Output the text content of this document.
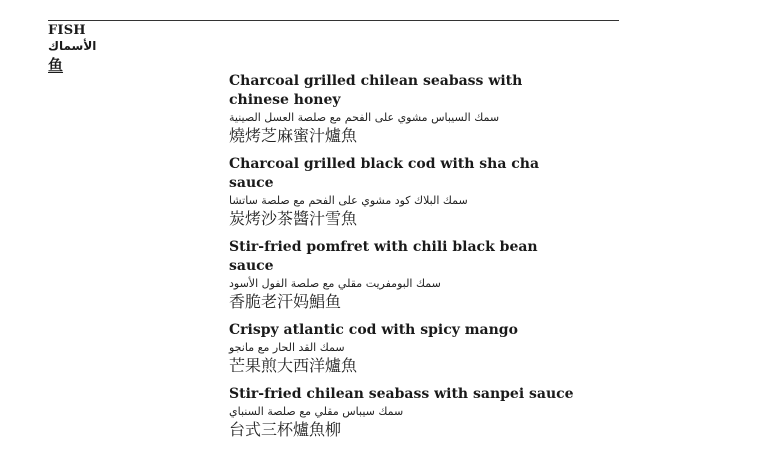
FISH
الأسماك
鱼
Charcoal grilled chilean seabass with chinese honey
سمك السيباس مشوي على الفحم مع صلصة العسل الصينية
燒烤芝麻蜜汁爐魚
Charcoal grilled black cod with sha cha sauce
سمك البلاك كود مشوي على الفحم مع صلصة ساتشا
炭烤沙茶醬汁雪魚
Stir-fried pomfret with chili black bean sauce
سمك البومفريت مقلي مع صلصة الفول الأسود
香脆老汗妈鯧鱼
Crispy atlantic cod with spicy mango
سمك القد الحار مع مانجو
芒果煎大西洋爐魚
Stir-fried chilean seabass with sanpei sauce
سمك سيباس مقلي مع صلصة السنباي
台式三杯爐魚柳
